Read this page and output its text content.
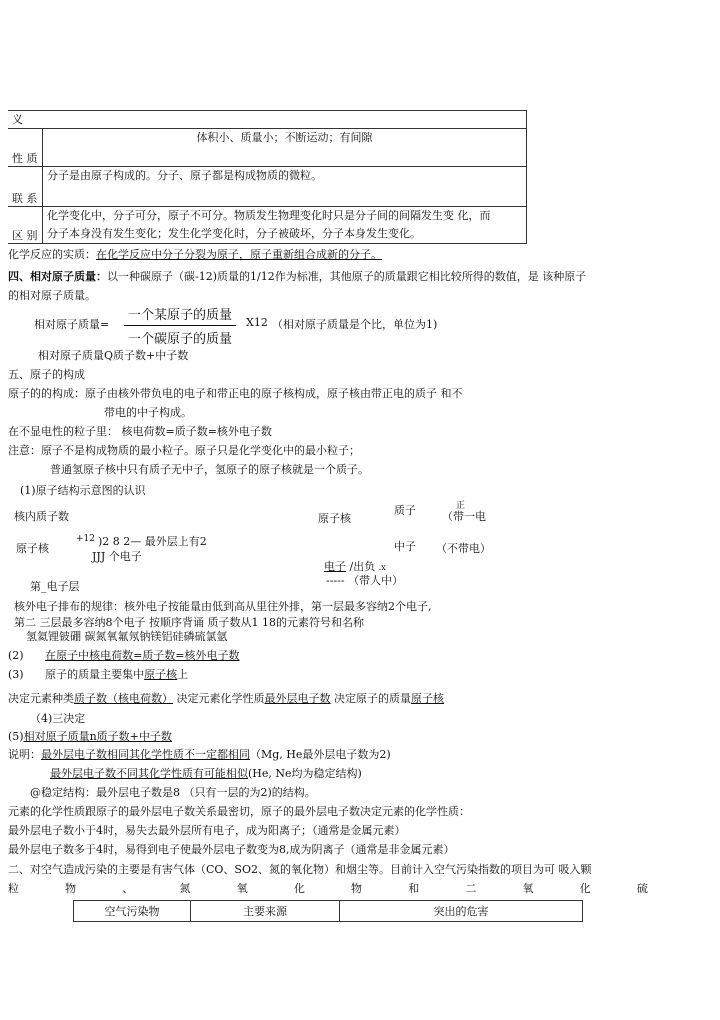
义	
性 质	体积小、质量小；不断运动；有间隙
联 系	分子是由原子构成的。分子、原子都是构成物质的微粒。
区 别	化学变化中，分子可分，原子不可分。物质发生物理变化时只是分子间的间隔发生变 化，而
分子本身没有发生变化；发生化学变化时，分子被破坏，分子本身发生变化。
化学反应的实质：在化学反应中分子分裂为原子，原子重新组合成新的分子。
四、相对原子质量：以一种碳原子（碳-12)质量的1/12作为标准，其他原子的质量跟它相比较所得的数值，是 该种原子
的相对原子质量。
相对原子质量=
一个某原子的质量
一个碳原子的质量
X12 （相对原子质量是个比，单位为1)
相对原子质量Q质子数+中子数
五、原子的构成
原子的的构成：原子由核外带负电的电子和带正电的原子核构成，原子核由带正电的质子 和不
带电的中子构成。
在不显电性的粒子里： 核电荷数=质子数=核外电子数
注意：原子不是构成物质的最小粒子。原子只是化学变化中的最小粒子；
普通氢原子核中只有质子无中子，氢原子的原子核就是一个质子。
(1)原子结构示意图的认识
核内质子数
原子核
+12 )2 8 2— 最外层上有2
JJJ 个电子
第_电子层
原子核
质子	正
（带一电
中子 （不带电）
电子 /出负 .x
----- （带人中）
核外电子排布的规律：核外电子按能量由低到高从里往外排，第一层最多容纳2个电子,
第二 三层最多容纳8个电子 按顺序背诵 质子数从1 18的元素符号和名称
氢氦锂铍硼 碳氮氧氟氖钠镁铝硅磷硫氯氩
(2) 在原子中核电荷数=质子数=核外电子数
(3) 原子的质量主要集中原子核上
决定元素种类质子数（核电荷数） 决定元素化学性质最外层电子数 决定原子的质量原子核
（4)三决定
(5)相对原子质量n质子数+中子数
说明：最外层电子数相同其化学性质不一定都相同（Mg, He最外层电子数为2)
最外层电子数不同其化学性质有可能相似(He, Ne均为稳定结构)
@稳定结构：最外层电子数是8 （只有一层的为2)的结构。
元素的化学性质跟原子的最外层电子数关系最密切，原子的最外层电子数决定元素的化学性质：
最外层电子数小于4时，易失去最外层所有电子，成为阳离子；（通常是金属元素）
最外层电子数多于4时，易得到电子使最外层电子数变为8,成为阴离子（通常是非金属元素）
二、对空气造成污染的主要是有害气体（CO、SO2、氮的氧化物）和烟尘等。目前计入空气污染指数的项目为可 吸入颗
粒	物	、	氮	氧	化	物	和	二	氧	化	硫
空气污染物	主要来源	突出的危害
